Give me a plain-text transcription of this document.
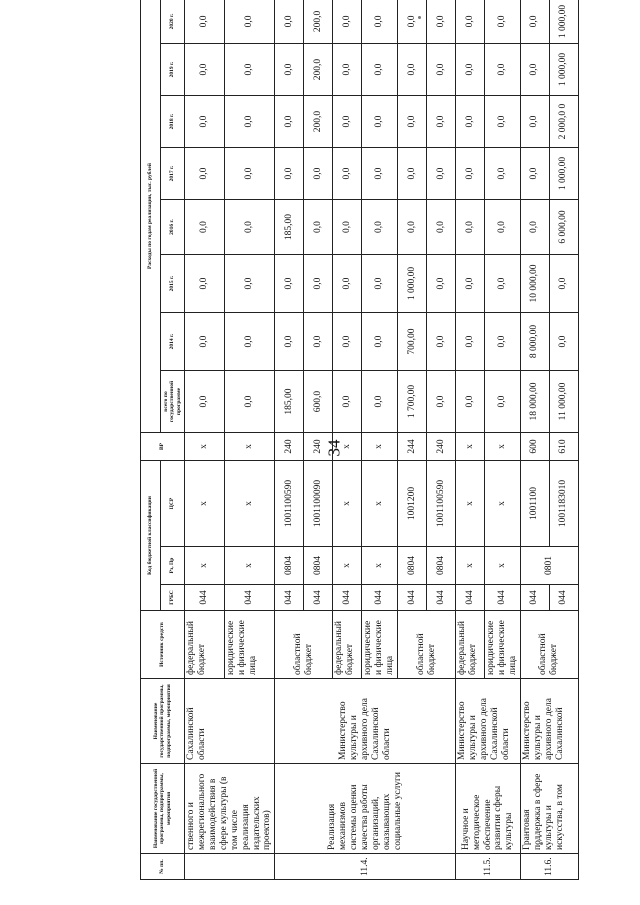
34
№ пп.	Наименование государственной программы, подпрограммы, мероприятия	Наименование государственной программы, подпрограммы, мероприятия	Источник средств	Код бюджетной классификации			ВР	Расходы по годам реализации, тыс. рублей							
				ГРБС	Рз, Пр	ЦСР		всего по государственной программе	2014 г.	2015 г.	2016 г.	2017 г.	2018 г.	2019 г.	2020 г.
	ственного и межрегионального взаимодействия в сфере культуры (в том числе реализация издательских проектов)	Сахалинской области	федеральный бюджет	044	х	х	х	0,0	0,0	0,0	0,0	0,0	0,0	0,0	0,0
			юридические и физические лица	044	х	х	х	0,0	0,0	0,0	0,0	0,0	0,0	0,0	0,0
11.4.	Реализация механизмов системы оценки качества работы организаций, оказывающих социальные услуги	Министерство культуры и архивного дела Сахалинской области	областной бюджет	044	0804	1001100590	240	185,00	0,0	0,0	185,00	0,0	0,0	0,0	0,0
				044	0804	1001100090	240	600,0	0,0	0,0	0,0	0,0	200,0	200,0	200,0
			федеральный бюджет	044	х	х	х	0,0	0,0	0,0	0,0	0,0	0,0	0,0	0,0
			юридические и физические лица	044	х	х	х	0,0	0,0	0,0	0,0	0,0	0,0	0,0	0,0
			областной бюджет	044	0804	1001200	244	1 700,00	700,00	1 000,00	0,0	0,0	0,0	0,0	0,0
				044	0804	1001100590	240	0,0	0,0	0,0	0,0	0,0	0,0	0,0	0,0
11.5.	Научное и методическое обеспечение развития сферы культуры	Министерство культуры и архивного дела Сахалинской области	федеральный бюджет	044	х	х	х	0,0	0,0	0,0	0,0	0,0	0,0	0,0	0,0
			юридические и физические лица	044	х	х	х	0,0	0,0	0,0	0,0	0,0	0,0	0,0	0,0
11.6.	Грантовая поддержка в сфере культуры и искусства, в том	Министерство культуры и архивного дела Сахалинской	областной бюджет	044	0801	1001100	600	18 000,00	8 000,00	10 000,00	0,0	0,0	0,0	0,0	0,0
				044		1001183010	610	11 000,00	0,0	0,0	6 000,00	1 000,00	2 000,0 0	1 000,00	1 000,00
